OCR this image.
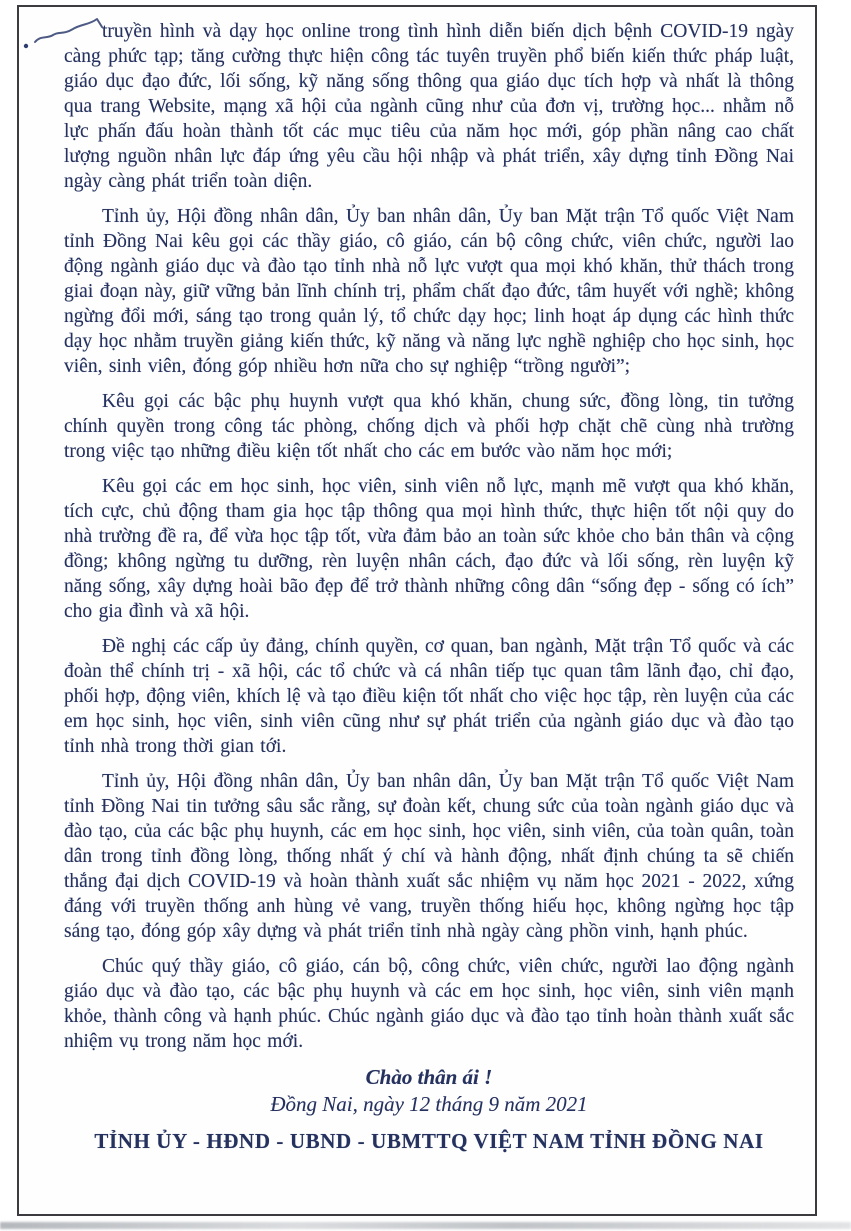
truyền hình và dạy học online trong tình hình diễn biến dịch bệnh COVID-19 ngày càng phức tạp; tăng cường thực hiện công tác tuyên truyền phổ biến kiến thức pháp luật, giáo dục đạo đức, lối sống, kỹ năng sống thông qua giáo dục tích hợp và nhất là thông qua trang Website, mạng xã hội của ngành cũng như của đơn vị, trường học... nhằm nỗ lực phấn đấu hoàn thành tốt các mục tiêu của năm học mới, góp phần nâng cao chất lượng nguồn nhân lực đáp ứng yêu cầu hội nhập và phát triển, xây dựng tỉnh Đồng Nai ngày càng phát triển toàn diện.

Tỉnh ủy, Hội đồng nhân dân, Ủy ban nhân dân, Ủy ban Mặt trận Tổ quốc Việt Nam tỉnh Đồng Nai kêu gọi các thầy giáo, cô giáo, cán bộ công chức, viên chức, người lao động ngành giáo dục và đào tạo tỉnh nhà nỗ lực vượt qua mọi khó khăn, thử thách trong giai đoạn này, giữ vững bản lĩnh chính trị, phẩm chất đạo đức, tâm huyết với nghề; không ngừng đổi mới, sáng tạo trong quản lý, tổ chức dạy học; linh hoạt áp dụng các hình thức dạy học nhằm truyền giảng kiến thức, kỹ năng và năng lực nghề nghiệp cho học sinh, học viên, sinh viên, đóng góp nhiều hơn nữa cho sự nghiệp “trồng người”;

Kêu gọi các bậc phụ huynh vượt qua khó khăn, chung sức, đồng lòng, tin tưởng chính quyền trong công tác phòng, chống dịch và phối hợp chặt chẽ cùng nhà trường trong việc tạo những điều kiện tốt nhất cho các em bước vào năm học mới;

Kêu gọi các em học sinh, học viên, sinh viên nỗ lực, mạnh mẽ vượt qua khó khăn, tích cực, chủ động tham gia học tập thông qua mọi hình thức, thực hiện tốt nội quy do nhà trường đề ra, để vừa học tập tốt, vừa đảm bảo an toàn sức khỏe cho bản thân và cộng đồng; không ngừng tu dưỡng, rèn luyện nhân cách, đạo đức và lối sống, rèn luyện kỹ năng sống, xây dựng hoài bão đẹp để trở thành những công dân “sống đẹp - sống có ích” cho gia đình và xã hội.

Đề nghị các cấp ủy đảng, chính quyền, cơ quan, ban ngành, Mặt trận Tổ quốc và các đoàn thể chính trị - xã hội, các tổ chức và cá nhân tiếp tục quan tâm lãnh đạo, chỉ đạo, phối hợp, động viên, khích lệ và tạo điều kiện tốt nhất cho việc học tập, rèn luyện của các em học sinh, học viên, sinh viên cũng như sự phát triển của ngành giáo dục và đào tạo tỉnh nhà trong thời gian tới.

Tỉnh ủy, Hội đồng nhân dân, Ủy ban nhân dân, Ủy ban Mặt trận Tổ quốc Việt Nam tỉnh Đồng Nai tin tưởng sâu sắc rằng, sự đoàn kết, chung sức của toàn ngành giáo dục và đào tạo, của các bậc phụ huynh, các em học sinh, học viên, sinh viên, của toàn quân, toàn dân trong tỉnh đồng lòng, thống nhất ý chí và hành động, nhất định chúng ta sẽ chiến thắng đại dịch COVID-19 và hoàn thành xuất sắc nhiệm vụ năm học 2021 - 2022, xứng đáng với truyền thống anh hùng vẻ vang, truyền thống hiếu học, không ngừng học tập sáng tạo, đóng góp xây dựng và phát triển tỉnh nhà ngày càng phồn vinh, hạnh phúc.

Chúc quý thầy giáo, cô giáo, cán bộ, công chức, viên chức, người lao động ngành giáo dục và đào tạo, các bậc phụ huynh và các em học sinh, học viên, sinh viên mạnh khỏe, thành công và hạnh phúc. Chúc ngành giáo dục và đào tạo tỉnh hoàn thành xuất sắc nhiệm vụ trong năm học mới.

Chào thân ái !
Đồng Nai, ngày 12 tháng 9 năm 2021
TỈNH ỦY - HĐND - UBND - UBMTTQ VIỆT NAM TỈNH ĐỒNG NAI
